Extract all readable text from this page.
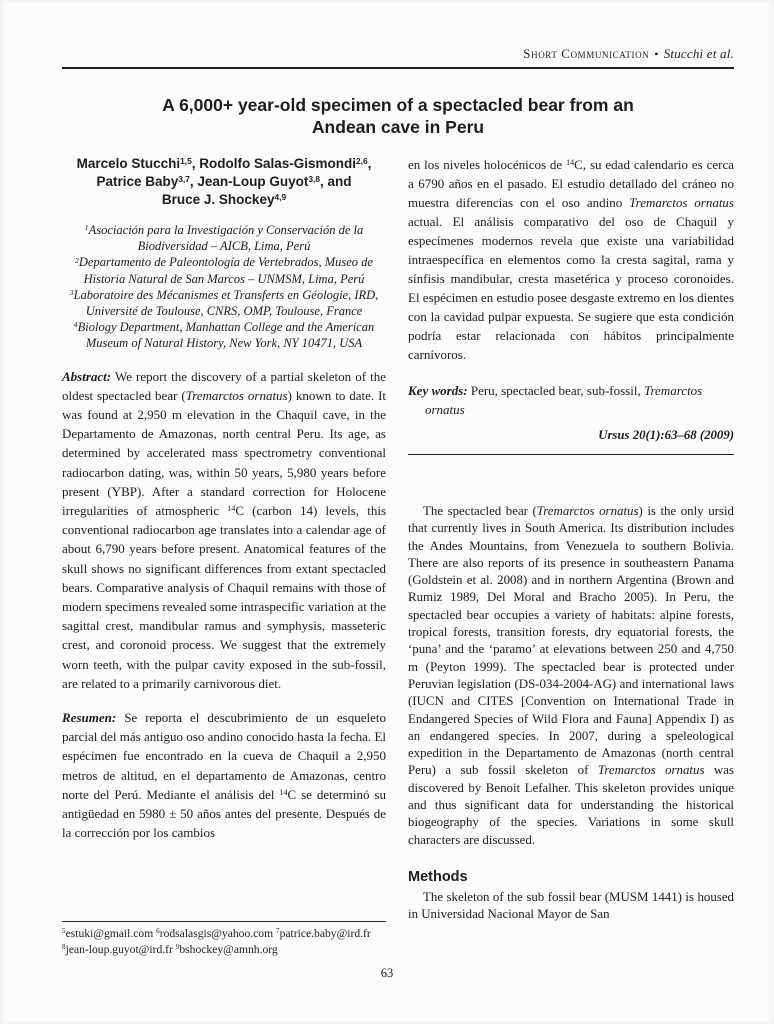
Short Communication • Stucchi et al.
A 6,000+ year-old specimen of a spectacled bear from an
Andean cave in Peru
Marcelo Stucchi$^{1,5}$, Rodolfo Salas-Gismondi$^{2,6}$,
Patrice Baby$^{3,7}$, Jean-Loup Guyot$^{3,8}$, and
Bruce J. Shockey$^{4,9}$
$^1$Asociación para la Investigación y Conservación de la Biodiversidad – AICB, Lima, Perú
$^2$Departamento de Paleontología de Vertebrados, Museo de Historia Natural de San Marcos – UNMSM, Lima, Perú
$^3$Laboratoire des Mécanismes et Transferts en Géologie, IRD, Université de Toulouse, CNRS, OMP, Toulouse, France
$^4$Biology Department, Manhattan College and the American Museum of Natural History, New York, NY 10471, USA

Abstract: We report the discovery of a partial skeleton of the oldest spectacled bear (Tremarctos ornatus) known to date. It was found at 2,950 m elevation in the Chaquil cave, in the Departamento de Amazonas, north central Peru. Its age, as determined by accelerated mass spectrometry conventional radiocarbon dating, was, within 50 years, 5,980 years before present (YBP). After a standard correction for Holocene irregularities of atmospheric $^{14}$C (carbon 14) levels, this conventional radiocarbon age translates into a calendar age of about 6,790 years before present. Anatomical features of the skull shows no significant differences from extant spectacled bears. Comparative analysis of Chaquil remains with those of modern specimens revealed some intraspecific variation at the sagittal crest, mandibular ramus and symphysis, masseteric crest, and coronoid process. We suggest that the extremely worn teeth, with the pulpar cavity exposed in the sub-fossil, are related to a primarily carnivorous diet.

Resumen: Se reporta el descubrimiento de un esqueleto parcial del más antiguo oso andino conocido hasta la fecha. El espécimen fue encontrado en la cueva de Chaquil a 2,950 metros de altitud, en el departamento de Amazonas, centro norte del Perú. Mediante el análisis del $^{14}$C se determinó su antigüedad en 5980 ± 50 años antes del presente. Después de la corrección por los cambios

$^5$estuki@gmail.com $^6$rodsalasgis@yahoo.com $^7$patrice.baby@ird.fr $^8$jean-loup.guyot@ird.fr $^9$bshockey@amnh.org

en los niveles holocénicos de $^{14}$C, su edad calendario es cerca a 6790 años en el pasado. El estudio detallado del cráneo no muestra diferencias con el oso andino Tremarctos ornatus actual. El análisis comparativo del oso de Chaquil y especímenes modernos revela que existe una variabilidad intraespecífica en elementos como la cresta sagital, rama y sínfisis mandibular, cresta masetérica y proceso coronoides. El espécimen en estudio posee desgaste extremo en los dientes con la cavidad pulpar expuesta. Se sugiere que esta condición podría estar relacionada con hábitos principalmente carnívoros.

Key words: Peru, spectacled bear, sub-fossil, Tremarctos ornatus

Ursus 20(1):63–68 (2009)

The spectacled bear (Tremarctos ornatus) is the only ursid that currently lives in South America. Its distribution includes the Andes Mountains, from Venezuela to southern Bolivia. There are also reports of its presence in southeastern Panama (Goldstein et al. 2008) and in northern Argentina (Brown and Rumiz 1989, Del Moral and Bracho 2005). In Peru, the spectacled bear occupies a variety of habitats: alpine forests, tropical forests, transition forests, dry equatorial forests, the ‘puna’ and the ‘paramo’ at elevations between 250 and 4,750 m (Peyton 1999). The spectacled bear is protected under Peruvian legislation (DS-034-2004-AG) and international laws (IUCN and CITES [Convention on International Trade in Endangered Species of Wild Flora and Fauna] Appendix I) as an endangered species. In 2007, during a speleological expedition in the Departamento de Amazonas (north central Peru) a sub fossil skeleton of Tremarctos ornatus was discovered by Benoit Lefalher. This skeleton provides unique and thus significant data for understanding the historical biogeography of the species. Variations in some skull characters are discussed.

Methods

The skeleton of the sub fossil bear (MUSM 1441) is housed in Universidad Nacional Mayor de San

63
